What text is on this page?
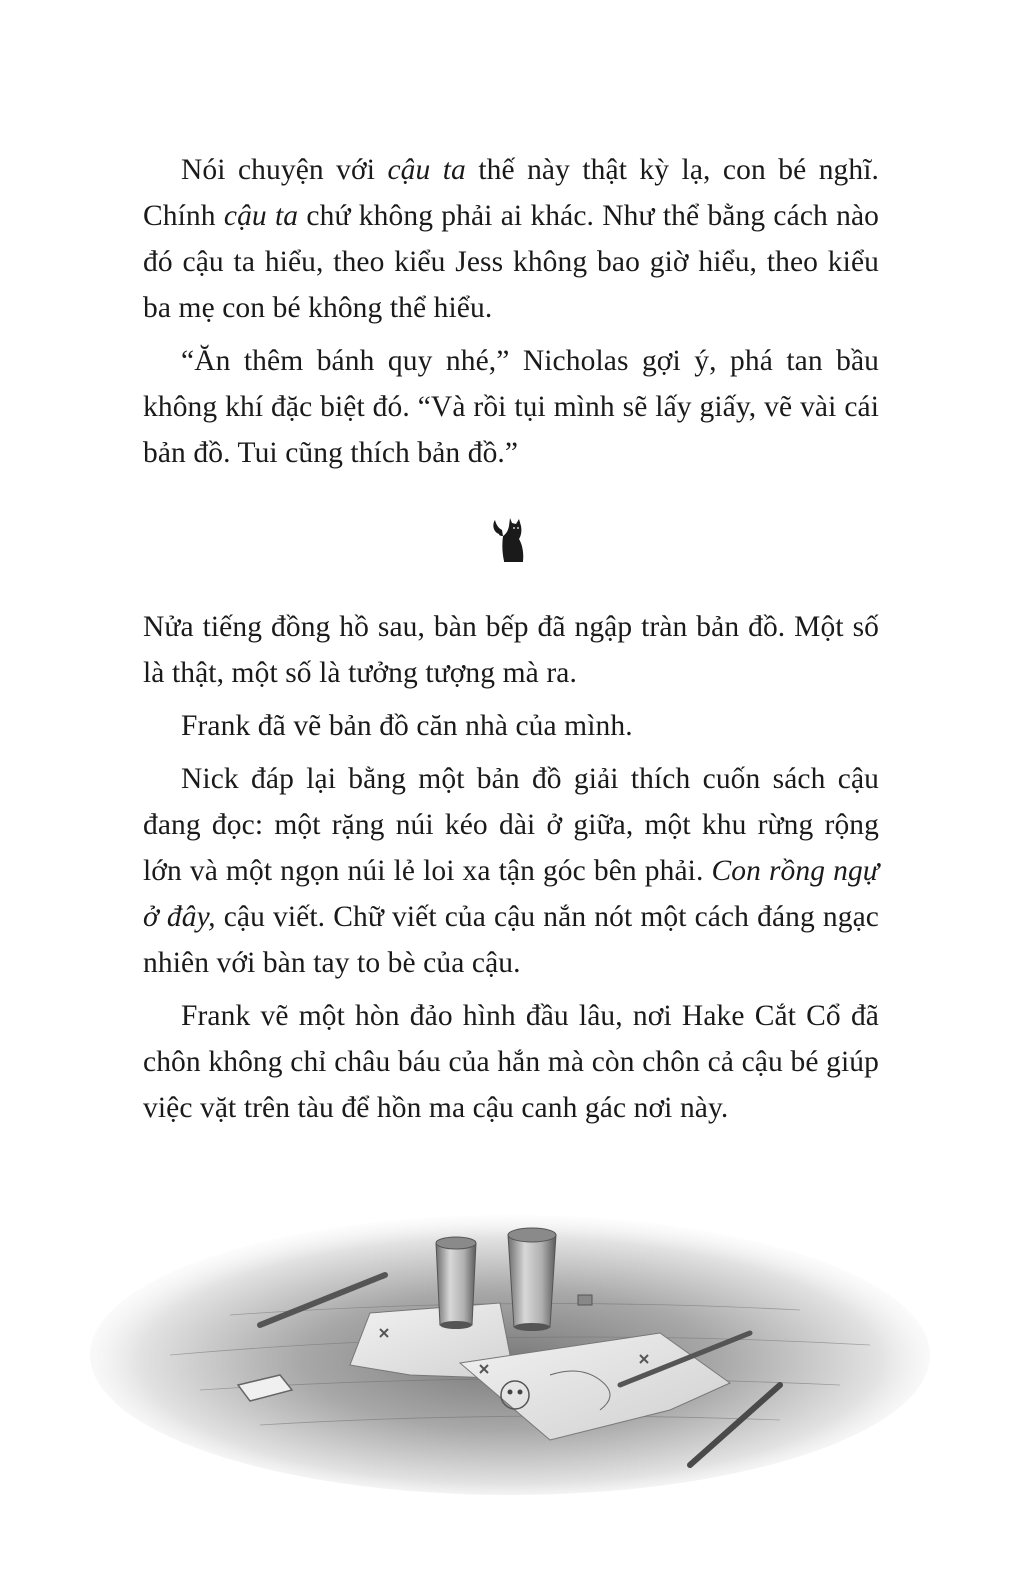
Nói chuyện với cậu ta thế này thật kỳ lạ, con bé nghĩ. Chính cậu ta chứ không phải ai khác. Như thể bằng cách nào đó cậu ta hiểu, theo kiểu Jess không bao giờ hiểu, theo kiểu ba mẹ con bé không thể hiểu.

“Ăn thêm bánh quy nhé,” Nicholas gợi ý, phá tan bầu không khí đặc biệt đó. “Và rồi tụi mình sẽ lấy giấy, vẽ vài cái bản đồ. Tui cũng thích bản đồ.”

Nửa tiếng đồng hồ sau, bàn bếp đã ngập tràn bản đồ. Một số là thật, một số là tưởng tượng mà ra.

Frank đã vẽ bản đồ căn nhà của mình.

Nick đáp lại bằng một bản đồ giải thích cuốn sách cậu đang đọc: một rặng núi kéo dài ở giữa, một khu rừng rộng lớn và một ngọn núi lẻ loi xa tận góc bên phải. Con rồng ngự ở đây, cậu viết. Chữ viết của cậu nắn nót một cách đáng ngạc nhiên với bàn tay to bè của cậu.

Frank vẽ một hòn đảo hình đầu lâu, nơi Hake Cắt Cổ đã chôn không chỉ châu báu của hắn mà còn chôn cả cậu bé giúp việc vặt trên tàu để hồn ma cậu canh gác nơi này.
